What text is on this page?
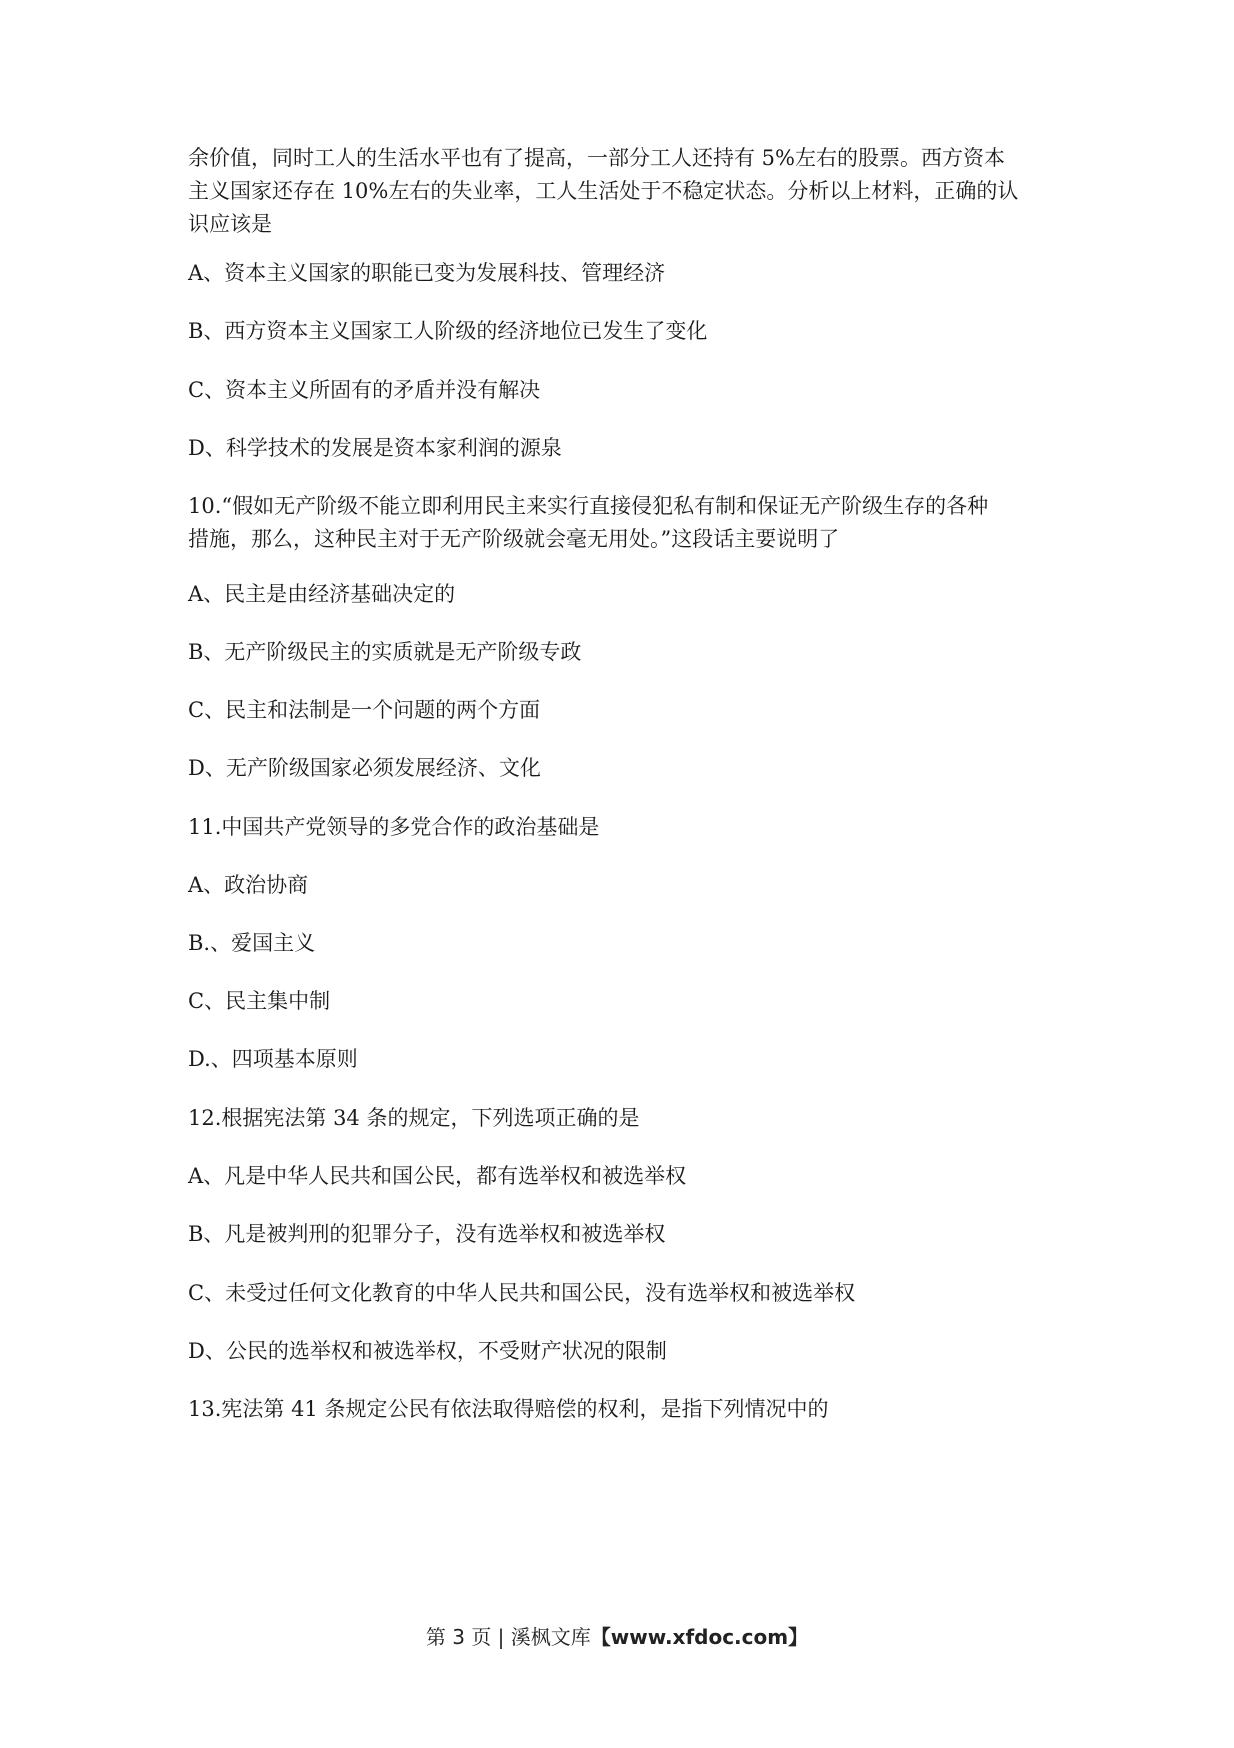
余价值，同时工人的生活水平也有了提高，一部分工人还持有 5%左右的股票。西方资本
主义国家还存在 10%左右的失业率，工人生活处于不稳定状态。分析以上材料，正确的认
识应该是

A、资本主义国家的职能已变为发展科技、管理经济

B、西方资本主义国家工人阶级的经济地位已发生了变化

C、资本主义所固有的矛盾并没有解决

D、科学技术的发展是资本家利润的源泉

10.“假如无产阶级不能立即利用民主来实行直接侵犯私有制和保证无产阶级生存的各种
措施，那么，这种民主对于无产阶级就会毫无用处。”这段话主要说明了

A、民主是由经济基础决定的

B、无产阶级民主的实质就是无产阶级专政

C、民主和法制是一个问题的两个方面

D、无产阶级国家必须发展经济、文化

11.中国共产党领导的多党合作的政治基础是

A、政治协商

B.、爱国主义

C、民主集中制

D.、四项基本原则

12.根据宪法第 34 条的规定，下列选项正确的是

A、凡是中华人民共和国公民，都有选举权和被选举权

B、凡是被判刑的犯罪分子，没有选举权和被选举权

C、未受过任何文化教育的中华人民共和国公民，没有选举权和被选举权

D、公民的选举权和被选举权，不受财产状况的限制

13.宪法第 41 条规定公民有依法取得赔偿的权利，是指下列情况中的

第 3 页 | 溪枫文库【www.xfdoc.com】
